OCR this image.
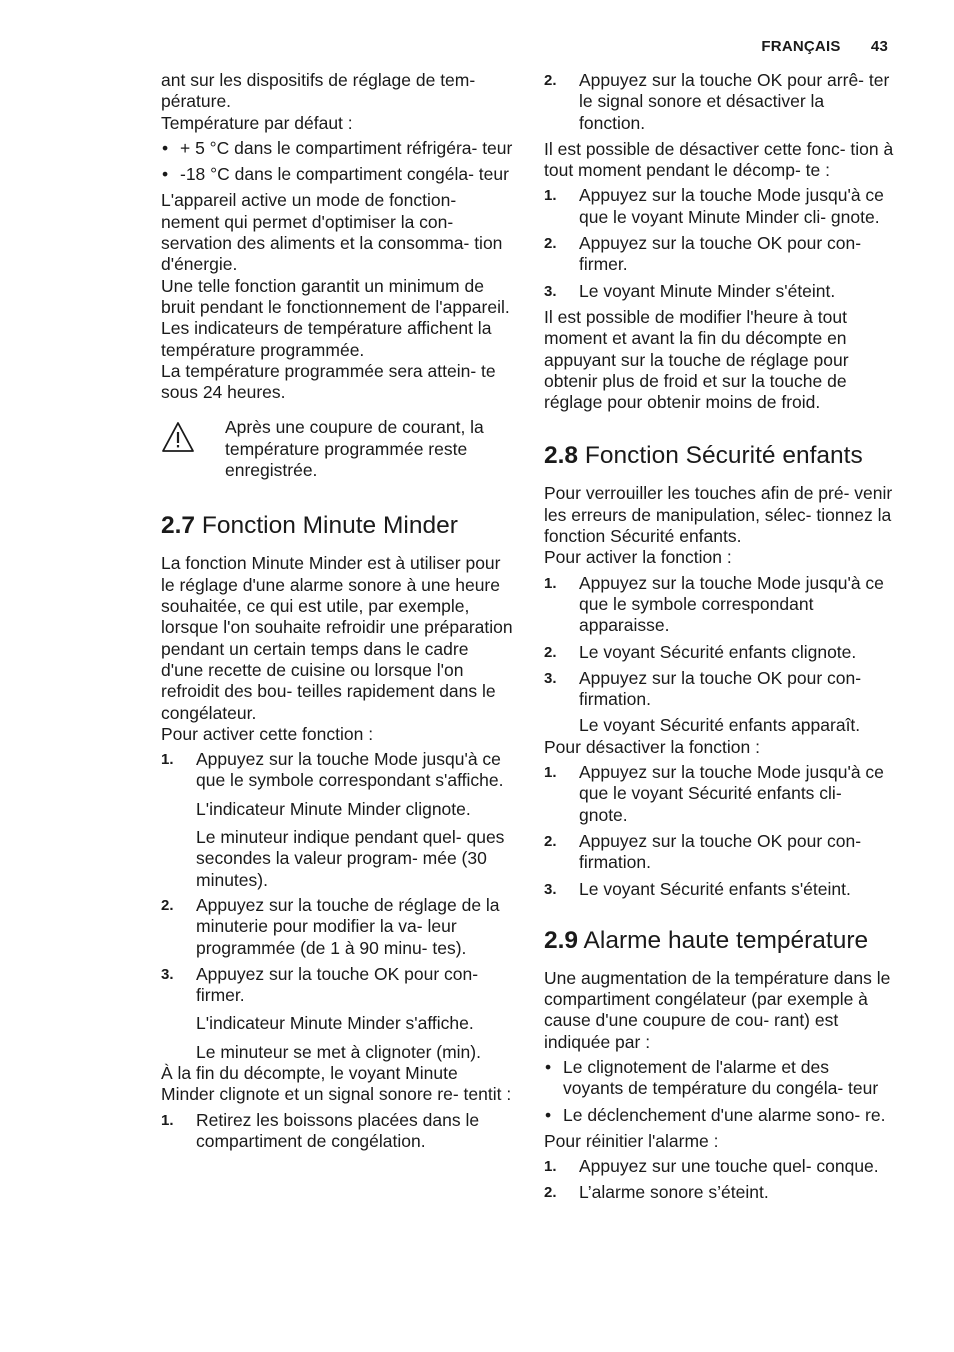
FRANÇAIS 43

ant sur les dispositifs de réglage de tem-

pérature.

Température par défaut :

• + 5 °C dans le compartiment réfrigéra- teur
• -18 °C dans le compartiment congéla- teur

L'appareil active un mode de fonction- nement qui permet d'optimiser la con- servation des aliments et la consomma- tion d'énergie.

Une telle fonction garantit un minimum de bruit pendant le fonctionnement de l'appareil.

Les indicateurs de température affichent la température programmée.

La température programmée sera attein- te sous 24 heures.

Après une coupure de courant, la température programmée reste enregistrée.
2.7 Fonction Minute Minder

La fonction Minute Minder est à utiliser pour le réglage d'une alarme sonore à une heure souhaitée, ce qui est utile, par exemple, lorsque l'on souhaite refroidir une préparation pendant un certain temps dans le cadre d'une recette de cuisine ou lorsque l'on refroidit des bou- teilles rapidement dans le congélateur.

Pour activer cette fonction :

1. Appuyez sur la touche Mode jusqu'à ce que le symbole correspondant s'affiche.
L'indicateur Minute Minder clignote.
Le minuteur indique pendant quel- ques secondes la valeur program- mée (30 minutes).
2. Appuyez sur la touche de réglage de la minuterie pour modifier la va- leur programmée (de 1 à 90 minu- tes).
3. Appuyez sur la touche OK pour con- firmer.
L'indicateur Minute Minder s'affiche.
Le minuteur se met à clignoter (min).

À la fin du décompte, le voyant Minute Minder clignote et un signal sonore re- tentit :

1. Retirez les boissons placées dans le compartiment de congélation.
2. Appuyez sur la touche OK pour arrê- ter le signal sonore et désactiver la fonction.

Il est possible de désactiver cette fonc- tion à tout moment pendant le décomp- te :

1. Appuyez sur la touche Mode jusqu'à ce que le voyant Minute Minder cli- gnote.
2. Appuyez sur la touche OK pour con- firmer.
3. Le voyant Minute Minder s'éteint.

Il est possible de modifier l'heure à tout moment et avant la fin du décompte en appuyant sur la touche de réglage pour obtenir plus de froid et sur la touche de réglage pour obtenir moins de froid.

2.8 Fonction Sécurité enfants

Pour verrouiller les touches afin de pré- venir les erreurs de manipulation, sélec- tionnez la fonction Sécurité enfants.

Pour activer la fonction :

1. Appuyez sur la touche Mode jusqu'à ce que le symbole correspondant apparaisse.
2. Le voyant Sécurité enfants clignote.
3. Appuyez sur la touche OK pour con- firmation.
Le voyant Sécurité enfants apparaît.

Pour désactiver la fonction :

1. Appuyez sur la touche Mode jusqu'à ce que le voyant Sécurité enfants cli- gnote.
2. Appuyez sur la touche OK pour con- firmation.
3. Le voyant Sécurité enfants s'éteint.
2.9 Alarme haute température

Une augmentation de la température dans le compartiment congélateur (par exemple à cause d'une coupure de cou- rant) est indiquée par :

• Le clignotement de l'alarme et des voyants de température du congéla- teur
• Le déclenchement d'une alarme sono- re.

Pour réinitier l'alarme :

1. Appuyez sur une touche quel- conque.
2. L’alarme sonore s’éteint.
